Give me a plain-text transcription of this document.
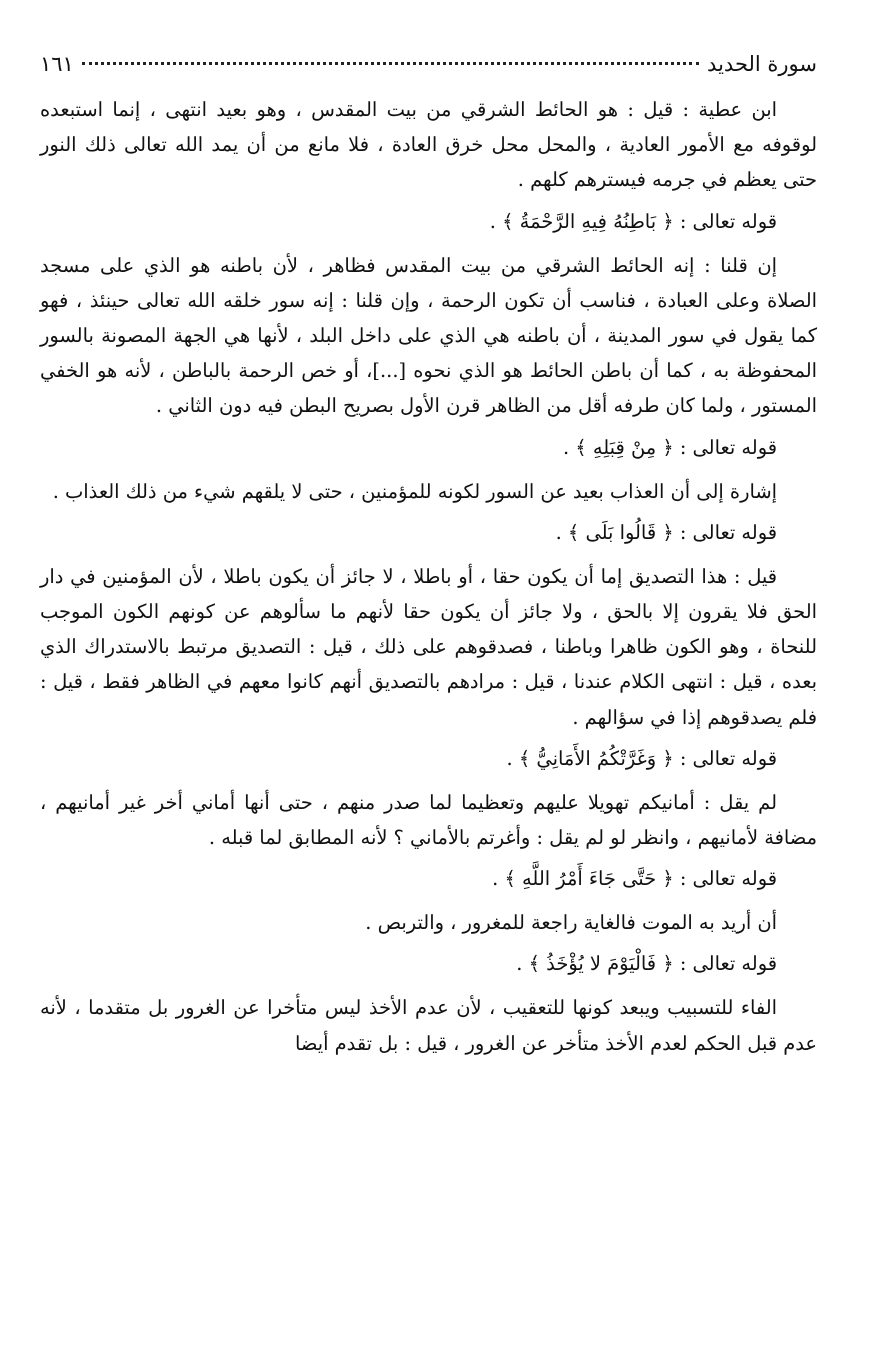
سورة الحديد
١٦١

ابن عطية : قيل : هو الحائط الشرقي من بيت المقدس ، وهو بعيد انتهى ، إنما استبعده لوقوفه مع الأمور العادية ، والمحل محل خرق العادة ، فلا مانع من أن يمد الله تعالى ذلك النور حتى يعظم في جرمه فيسترهم كلهم .

قوله تعالى : ﴿ بَاطِنُهُ فِيهِ الرَّحْمَةُ ﴾ .

إن قلنا : إنه الحائط الشرقي من بيت المقدس فظاهر ، لأن باطنه هو الذي على مسجد الصلاة وعلى العبادة ، فناسب أن تكون الرحمة ، وإن قلنا : إنه سور خلقه الله تعالى حينئذ ، فهو كما يقول في سور المدينة ، أن باطنه هي الذي على داخل البلد ، لأنها هي الجهة المصونة بالسور المحفوظة به ، كما أن باطن الحائط هو الذي نحوه [...]، أو خص الرحمة بالباطن ، لأنه هو الخفي المستور ، ولما كان طرفه أقل من الظاهر قرن الأول بصريح البطن فيه دون الثاني .

قوله تعالى : ﴿ مِنْ قِبَلِهِ ﴾ .

إشارة إلى أن العذاب بعيد عن السور لكونه للمؤمنين ، حتى لا يلقهم شيء من ذلك العذاب .

قوله تعالى : ﴿ قَالُوا بَلَى ﴾ .

قيل : هذا التصديق إما أن يكون حقا ، أو باطلا ، لا جائز أن يكون باطلا ، لأن المؤمنين في دار الحق فلا يقرون إلا بالحق ، ولا جائز أن يكون حقا لأنهم ما سألوهم عن كونهم الكون الموجب للنحاة ، وهو الكون ظاهرا وباطنا ، فصدقوهم على ذلك ، قيل : التصديق مرتبط بالاستدراك الذي بعده ، قيل : انتهى الكلام عندنا ، قيل : مرادهم بالتصديق أنهم كانوا معهم في الظاهر فقط ، قيل : فلم يصدقوهم إذا في سؤالهم .

قوله تعالى : ﴿ وَغَرَّتْكُمُ الأَمَانِيُّ ﴾ .

لم يقل : أمانيكم تهويلا عليهم وتعظيما لما صدر منهم ، حتى أنها أماني أخر غير أمانيهم ، مضافة لأمانيهم ، وانظر لو لم يقل : وأغرتم بالأماني ؟ لأنه المطابق لما قبله .

قوله تعالى : ﴿ حَتَّى جَاءَ أَمْرُ اللَّهِ ﴾ .

أن أريد به الموت فالغاية راجعة للمغرور ، والتربص .

قوله تعالى : ﴿ فَالْيَوْمَ لا يُؤْخَذُ ﴾ .

الفاء للتسبيب ويبعد كونها للتعقيب ، لأن عدم الأخذ ليس متأخرا عن الغرور بل متقدما ، لأنه عدم قبل الحكم لعدم الأخذ متأخر عن الغرور ، قيل : بل تقدم أيضا
